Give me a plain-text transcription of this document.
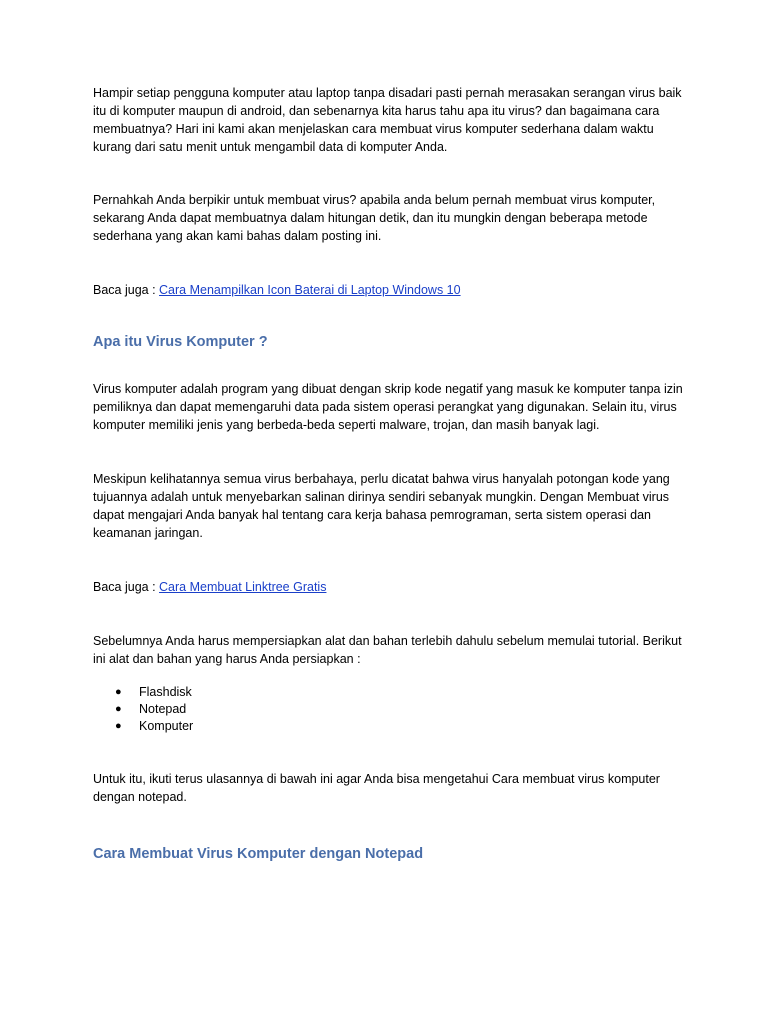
Hampir setiap pengguna komputer atau laptop tanpa disadari pasti pernah merasakan serangan virus baik itu di komputer maupun di android, dan sebenarnya kita harus tahu apa itu virus? dan bagaimana cara membuatnya? Hari ini kami akan menjelaskan cara membuat virus komputer sederhana dalam waktu kurang dari satu menit untuk mengambil data di komputer Anda.

Pernahkah Anda berpikir untuk membuat virus? apabila anda belum pernah membuat virus komputer, sekarang Anda dapat membuatnya dalam hitungan detik, dan itu mungkin dengan beberapa metode sederhana yang akan kami bahas dalam posting ini.

Baca juga : Cara Menampilkan Icon Baterai di Laptop Windows 10

Apa itu Virus Komputer ?

Virus komputer adalah program yang dibuat dengan skrip kode negatif yang masuk ke komputer tanpa izin pemiliknya dan dapat memengaruhi data pada sistem operasi perangkat yang digunakan. Selain itu, virus komputer memiliki jenis yang berbeda-beda seperti malware, trojan, dan masih banyak lagi.

Meskipun kelihatannya semua virus berbahaya, perlu dicatat bahwa virus hanyalah potongan kode yang tujuannya adalah untuk menyebarkan salinan dirinya sendiri sebanyak mungkin. Dengan Membuat virus dapat mengajari Anda banyak hal tentang cara kerja bahasa pemrograman, serta sistem operasi dan keamanan jaringan.

Baca juga : Cara Membuat Linktree Gratis

Sebelumnya Anda harus mempersiapkan alat dan bahan terlebih dahulu sebelum memulai tutorial. Berikut ini alat dan bahan yang harus Anda persiapkan :

● Flashdisk
● Notepad
● Komputer

Untuk itu, ikuti terus ulasannya di bawah ini agar Anda bisa mengetahui Cara membuat virus komputer dengan notepad.

Cara Membuat Virus Komputer dengan Notepad
